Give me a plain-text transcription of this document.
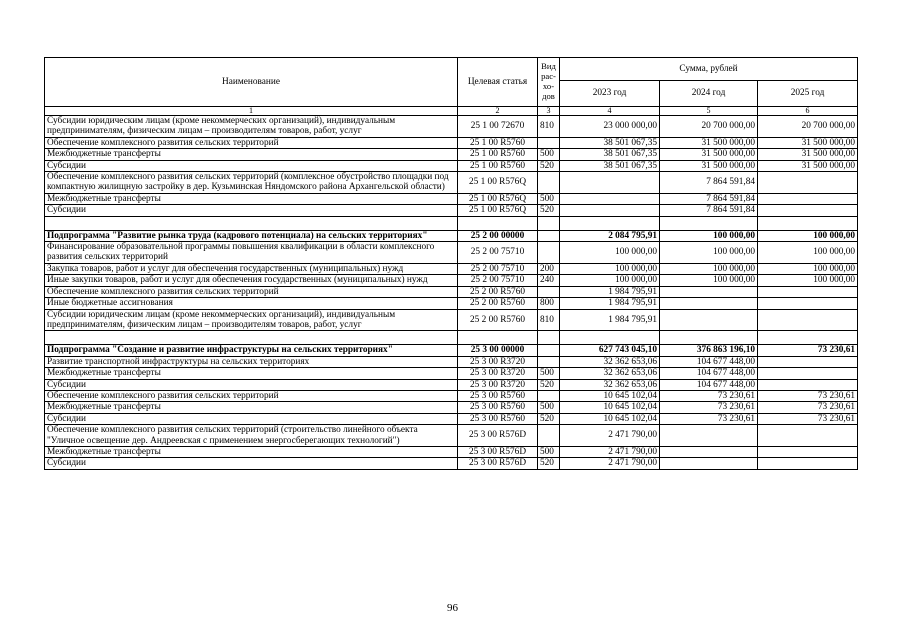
Наименование	Целевая статья	Вид рас- хо- дов	Сумма, рублей		
			2023 год	2024 год	2025 год
1	2	3	4	5	6
Субсидии юридическим лицам (кроме некоммерческих организаций), индивидуальным предпринимателям, физическим лицам – производителям товаров, работ, услуг	25 1 00 72670	810	23 000 000,00	20 700 000,00	20 700 000,00
Обеспечение комплексного развития сельских территорий	25 1 00 R5760		38 501 067,35	31 500 000,00	31 500 000,00
Межбюджетные трансферты	25 1 00 R5760	500	38 501 067,35	31 500 000,00	31 500 000,00
Субсидии	25 1 00 R5760	520	38 501 067,35	31 500 000,00	31 500 000,00
Обеспечение комплексного развития сельских территорий (комплексное обустройство площадки под компактную жилищную застройку в дер. Кузьминская Няндомского района Архангельской области)	25 1 00 R576Q			7 864 591,84	
Межбюджетные трансферты	25 1 00 R576Q	500		7 864 591,84	
Субсидии	25 1 00 R576Q	520		7 864 591,84	

Подпрограмма "Развитие рынка труда (кадрового потенциала) на сельских территориях"	25 2 00 00000		2 084 795,91	100 000,00	100 000,00
Финансирование образовательной программы повышения квалификации в области комплексного развития сельских территорий	25 2 00 75710		100 000,00	100 000,00	100 000,00
Закупка товаров, работ и услуг для обеспечения государственных (муниципальных) нужд	25 2 00 75710	200	100 000,00	100 000,00	100 000,00
Иные закупки товаров, работ и услуг для обеспечения государственных (муниципальных) нужд	25 2 00 75710	240	100 000,00	100 000,00	100 000,00
Обеспечение комплексного развития сельских территорий	25 2 00 R5760		1 984 795,91		
Иные бюджетные ассигнования	25 2 00 R5760	800	1 984 795,91		
Субсидии юридическим лицам (кроме некоммерческих организаций), индивидуальным предпринимателям, физическим лицам – производителям товаров, работ, услуг	25 2 00 R5760	810	1 984 795,91		

Подпрограмма "Создание и развитие инфраструктуры на сельских территориях"	25 3 00 00000		627 743 045,10	376 863 196,10	73 230,61
Развитие транспортной инфраструктуры на сельских территориях	25 3 00 R3720		32 362 653,06	104 677 448,00	
Межбюджетные трансферты	25 3 00 R3720	500	32 362 653,06	104 677 448,00	
Субсидии	25 3 00 R3720	520	32 362 653,06	104 677 448,00	
Обеспечение комплексного развития сельских территорий	25 3 00 R5760		10 645 102,04	73 230,61	73 230,61
Межбюджетные трансферты	25 3 00 R5760	500	10 645 102,04	73 230,61	73 230,61
Субсидии	25 3 00 R5760	520	10 645 102,04	73 230,61	73 230,61
Обеспечение комплексного развития сельских территорий (строительство линейного объекта "Уличное освещение дер. Андреевская с применением энергосберегающих технологий")	25 3 00 R576D		2 471 790,00		
Межбюджетные трансферты	25 3 00 R576D	500	2 471 790,00		
Субсидии	25 3 00 R576D	520	2 471 790,00		
96
